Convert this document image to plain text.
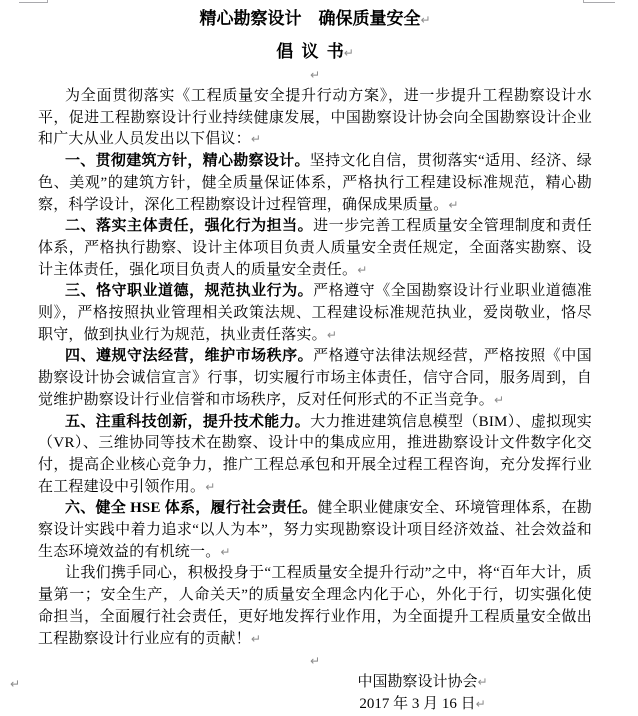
精心勘察设计　确保质量安全↵
倡 议 书↵
↵

为全面贯彻落实《工程质量安全提升行动方案》，进一步提升工程勘察设计水平，促进工程勘察设计行业持续健康发展，中国勘察设计协会向全国勘察设计企业和广大从业人员发出以下倡议：↵

一、贯彻建筑方针，精心勘察设计。坚持文化自信，贯彻落实“适用、经济、绿色、美观”的建筑方针，健全质量保证体系，严格执行工程建设标准规范，精心勘察，科学设计，深化工程勘察设计过程管理，确保成果质量。↵

二、落实主体责任，强化行为担当。进一步完善工程质量安全管理制度和责任体系，严格执行勘察、设计主体项目负责人质量安全责任规定，全面落实勘察、设计主体责任，强化项目负责人的质量安全责任。↵

三、恪守职业道德，规范执业行为。严格遵守《全国勘察设计行业职业道德准则》，严格按照执业管理相关政策法规、工程建设标准规范执业，爱岗敬业，恪尽职守，做到执业行为规范，执业责任落实。↵

四、遵规守法经营，维护市场秩序。严格遵守法律法规经营，严格按照《中国勘察设计协会诚信宣言》行事，切实履行市场主体责任，信守合同，服务周到，自觉维护勘察设计行业信誉和市场秩序，反对任何形式的不正当竞争。↵

五、注重科技创新，提升技术能力。大力推进建筑信息模型（BIM）、虚拟现实（VR）、三维协同等技术在勘察、设计中的集成应用，推进勘察设计文件数字化交付，提高企业核心竞争力，推广工程总承包和开展全过程工程咨询，充分发挥行业在工程建设中引领作用。↵

六、健全 HSE 体系，履行社会责任。健全职业健康安全、环境管理体系，在勘察设计实践中着力追求“以人为本”，努力实现勘察设计项目经济效益、社会效益和生态环境效益的有机统一。↵

让我们携手同心，积极投身于“工程质量安全提升行动”之中，将“百年大计，质量第一；安全生产，人命关天”的质量安全理念内化于心，外化于行，切实强化使命担当，全面履行社会责任，更好地发挥行业作用，为全面提升工程质量安全做出工程勘察设计行业应有的贡献！↵

↵
中国勘察设计协会↵
2017 年 3 月 16 日↵
↵
